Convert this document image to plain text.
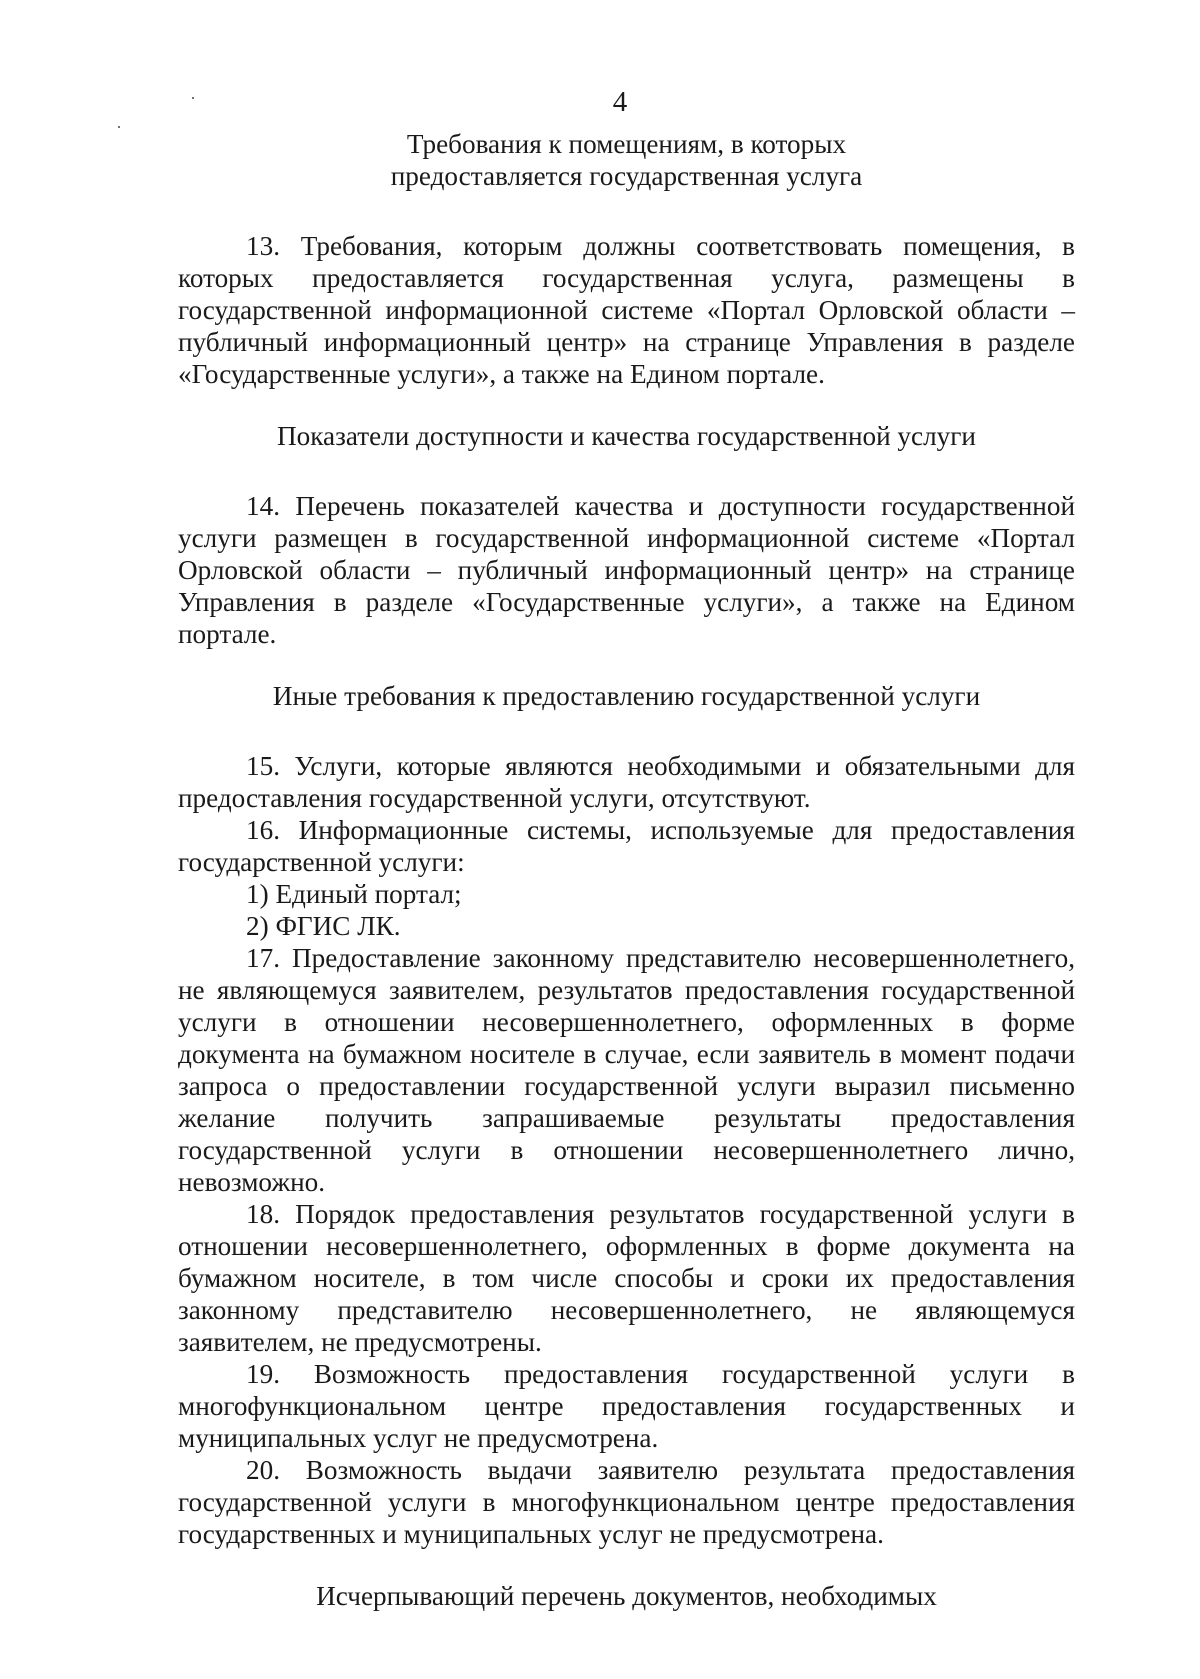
4
Требования к помещениям, в которых предоставляется государственная услуга

13. Требования, которым должны соответствовать помещения, в которых предоставляется государственная услуга, размещены в государственной информационной системе «Портал Орловской области – публичный информационный центр» на странице Управления в разделе «Государственные услуги», а также на Едином портале.

Показатели доступности и качества государственной услуги

14. Перечень показателей качества и доступности государственной услуги размещен в государственной информационной системе «Портал Орловской области – публичный информационный центр» на странице Управления в разделе «Государственные услуги», а также на Едином портале.

Иные требования к предоставлению государственной услуги

15. Услуги, которые являются необходимыми и обязательными для предоставления государственной услуги, отсутствуют.

16. Информационные системы, используемые для предоставления государственной услуги:

1) Единый портал;

2) ФГИС ЛК.

17. Предоставление законному представителю несовершеннолетнего, не являющемуся заявителем, результатов предоставления государственной услуги в отношении несовершеннолетнего, оформленных в форме документа на бумажном носителе в случае, если заявитель в момент подачи запроса о предоставлении государственной услуги выразил письменно желание получить запрашиваемые результаты предоставления государственной услуги в отношении несовершеннолетнего лично, невозможно.

18. Порядок предоставления результатов государственной услуги в отношении несовершеннолетнего, оформленных в форме документа на бумажном носителе, в том числе способы и сроки их предоставления законному представителю несовершеннолетнего, не являющемуся заявителем, не предусмотрены.

19. Возможность предоставления государственной услуги в многофункциональном центре предоставления государственных и муниципальных услуг не предусмотрена.

20. Возможность выдачи заявителю результата предоставления государственной услуги в многофункциональном центре предоставления государственных и муниципальных услуг не предусмотрена.

Исчерпывающий перечень документов, необходимых
